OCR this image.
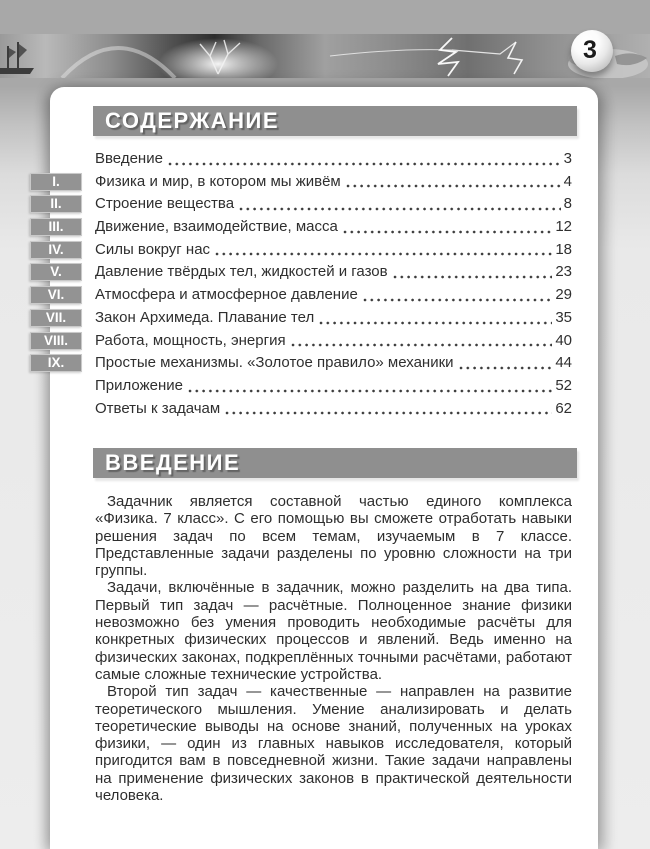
3
СОДЕРЖАНИЕ
Введение	3
I.	Физика и мир, в котором мы живём	4
II.	Строение вещества	8
III.	Движение, взаимодействие, масса	12
IV.	Силы вокруг нас	18
V.	Давление твёрдых тел, жидкостей и газов	23
VI.	Атмосфера и атмосферное давление	29
VII.	Закон Архимеда. Плавание тел	35
VIII.	Работа, мощность, энергия	40
IX.	Простые механизмы. «Золотое правило» механики	44
Приложение	52
Ответы к задачам	62
ВВЕДЕНИЕ

Задачник является составной частью единого комплекса «Физика. 7 класс». С его помощью вы сможете отработать навыки решения задач по всем темам, изучаемым в 7 классе. Представленные задачи разделены по уровню сложности на три группы.

Задачи, включённые в задачник, можно разделить на два типа. Первый тип задач — расчётные. Полноценное знание физики невозможно без умения проводить необходимые расчёты для конкретных физических процессов и явлений. Ведь именно на физических законах, подкреплённых точными расчётами, работают самые сложные технические устройства.

Второй тип задач — качественные — направлен на развитие теоретического мышления. Умение анализировать и делать теоретические выводы на основе знаний, полученных на уроках физики, — один из главных навыков исследователя, который пригодится вам в повседневной жизни. Такие задачи направлены на применение физических законов в практической деятельности человека.
